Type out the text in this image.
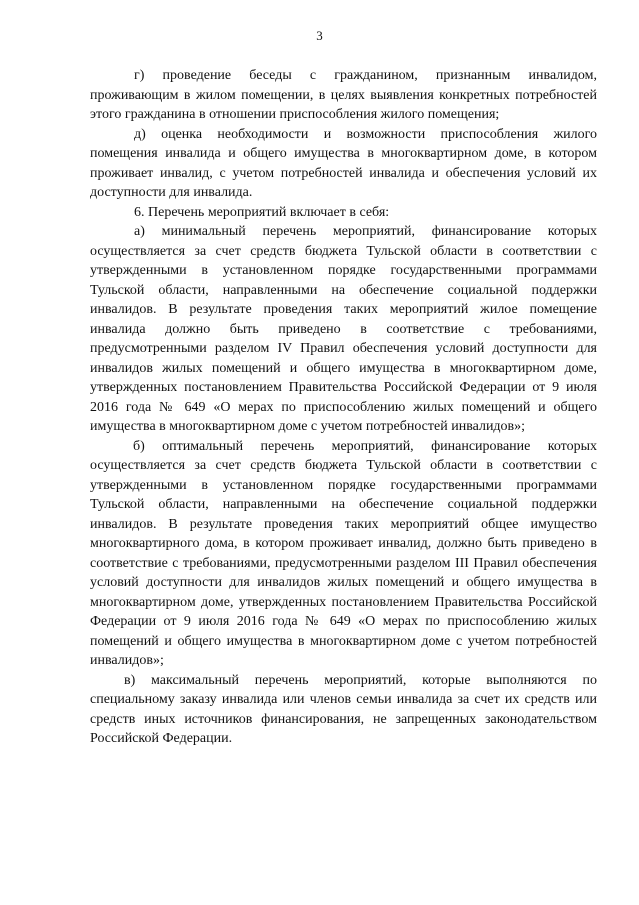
3

г) проведение беседы с гражданином, признанным инвалидом, проживающим в жилом помещении, в целях выявления конкретных потребностей этого гражданина в отношении приспособления жилого помещения;

д) оценка необходимости и возможности приспособления жилого помещения инвалида и общего имущества в многоквартирном доме, в котором проживает инвалид, с учетом потребностей инвалида и обеспечения условий их доступности для инвалида.

6. Перечень мероприятий включает в себя:

а) минимальный перечень мероприятий, финансирование которых осуществляется за счет средств бюджета Тульской области в соответствии с утвержденными в установленном порядке государственными программами Тульской области, направленными на обеспечение социальной поддержки инвалидов. В результате проведения таких мероприятий жилое помещение инвалида должно быть приведено в соответствие с требованиями, предусмотренными разделом IV Правил обеспечения условий доступности для инвалидов жилых помещений и общего имущества в многоквартирном доме, утвержденных постановлением Правительства Российской Федерации от 9 июля 2016 года № 649 «О мерах по приспособлению жилых помещений и общего имущества в многоквартирном доме с учетом потребностей инвалидов»;

б) оптимальный перечень мероприятий, финансирование которых осуществляется за счет средств бюджета Тульской области в соответствии с утвержденными в установленном порядке государственными программами Тульской области, направленными на обеспечение социальной поддержки инвалидов. В результате проведения таких мероприятий общее имущество многоквартирного дома, в котором проживает инвалид, должно быть приведено в соответствие с требованиями, предусмотренными разделом III Правил обеспечения условий доступности для инвалидов жилых помещений и общего имущества в многоквартирном доме, утвержденных постановлением Правительства Российской Федерации от 9 июля 2016 года № 649 «О мерах по приспособлению жилых помещений и общего имущества в многоквартирном доме с учетом потребностей инвалидов»;

в) максимальный перечень мероприятий, которые выполняются по специальному заказу инвалида или членов семьи инвалида за счет их средств или средств иных источников финансирования, не запрещенных законодательством Российской Федерации.
